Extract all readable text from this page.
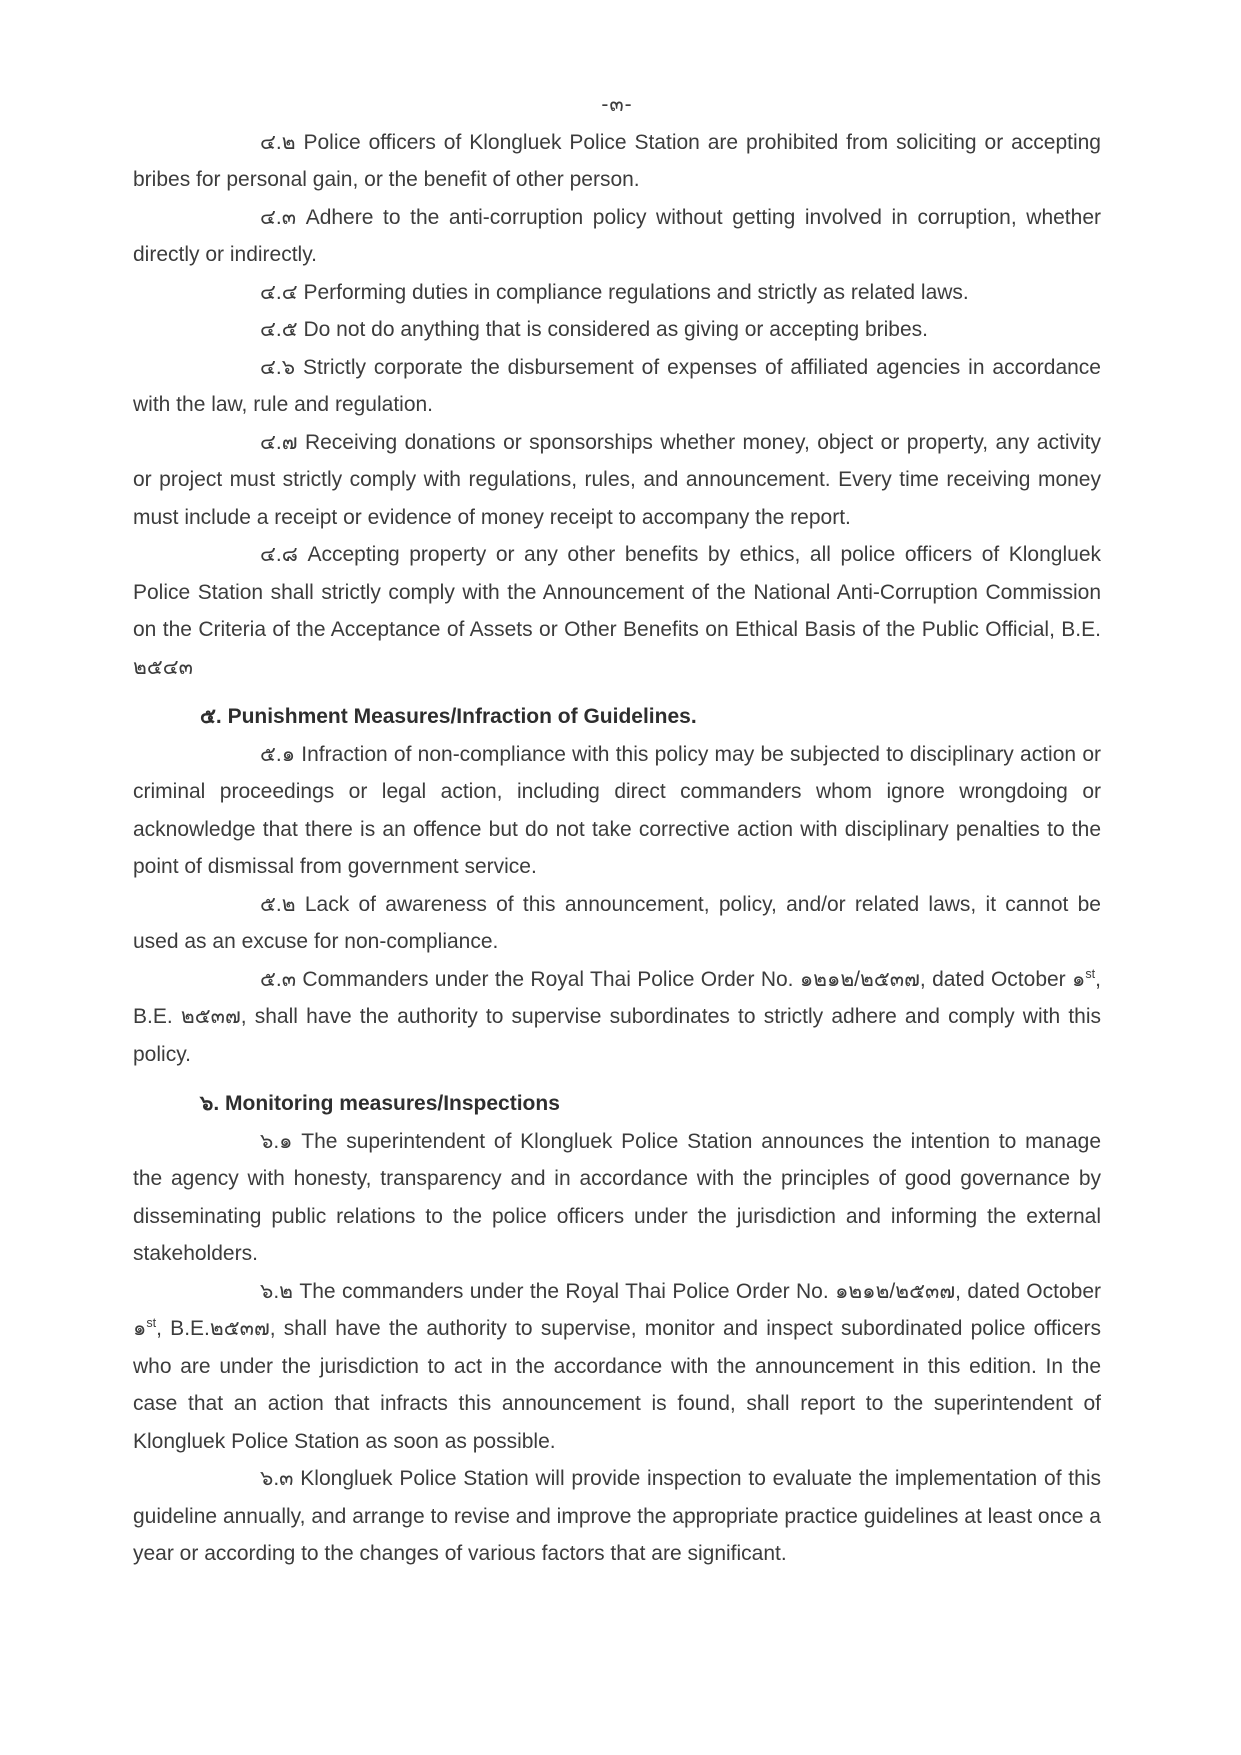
-๓-

๔.๒ Police officers of Klongluek Police Station are prohibited from soliciting or accepting bribes for personal gain, or the benefit of other person.

๔.๓ Adhere to the anti-corruption policy without getting involved in corruption, whether directly or indirectly.

๔.๔ Performing duties in compliance regulations and strictly as related laws.

๔.๕ Do not do anything that is considered as giving or accepting bribes.

๔.๖ Strictly corporate the disbursement of expenses of affiliated agencies in accordance with the law, rule and regulation.

๔.๗ Receiving donations or sponsorships whether money, object or property, any activity or project must strictly comply with regulations, rules, and announcement. Every time receiving money must include a receipt or evidence of money receipt to accompany the report.

๔.๘ Accepting property or any other benefits by ethics, all police officers of Klongluek Police Station shall strictly comply with the Announcement of the National Anti-Corruption Commission on the Criteria of the Acceptance of Assets or Other Benefits on Ethical Basis of the Public Official, B.E. ๒๕๔๓

๕. Punishment Measures/Infraction of Guidelines.

๕.๑ Infraction of non-compliance with this policy may be subjected to disciplinary action or criminal proceedings or legal action, including direct commanders whom ignore wrongdoing or acknowledge that there is an offence but do not take corrective action with disciplinary penalties to the point of dismissal from government service.

๕.๒ Lack of awareness of this announcement, policy, and/or related laws, it cannot be used as an excuse for non-compliance.

๕.๓ Commanders under the Royal Thai Police Order No. ๑๒๑๒/๒๕๓๗, dated October ๑$^{st}$, B.E. ๒๕๓๗, shall have the authority to supervise subordinates to strictly adhere and comply with this policy.

๖. Monitoring measures/Inspections

๖.๑ The superintendent of Klongluek Police Station announces the intention to manage the agency with honesty, transparency and in accordance with the principles of good governance by disseminating public relations to the police officers under the jurisdiction and informing the external stakeholders.

๖.๒ The commanders under the Royal Thai Police Order No. ๑๒๑๒/๒๕๓๗, dated October ๑$^{st}$, B.E.๒๕๓๗, shall have the authority to supervise, monitor and inspect subordinated police officers who are under the jurisdiction to act in the accordance with the announcement in this edition. In the case that an action that infracts this announcement is found, shall report to the superintendent of Klongluek Police Station as soon as possible.

๖.๓ Klongluek Police Station will provide inspection to evaluate the implementation of this guideline annually, and arrange to revise and improve the appropriate practice guidelines at least once a year or according to the changes of various factors that are significant.
